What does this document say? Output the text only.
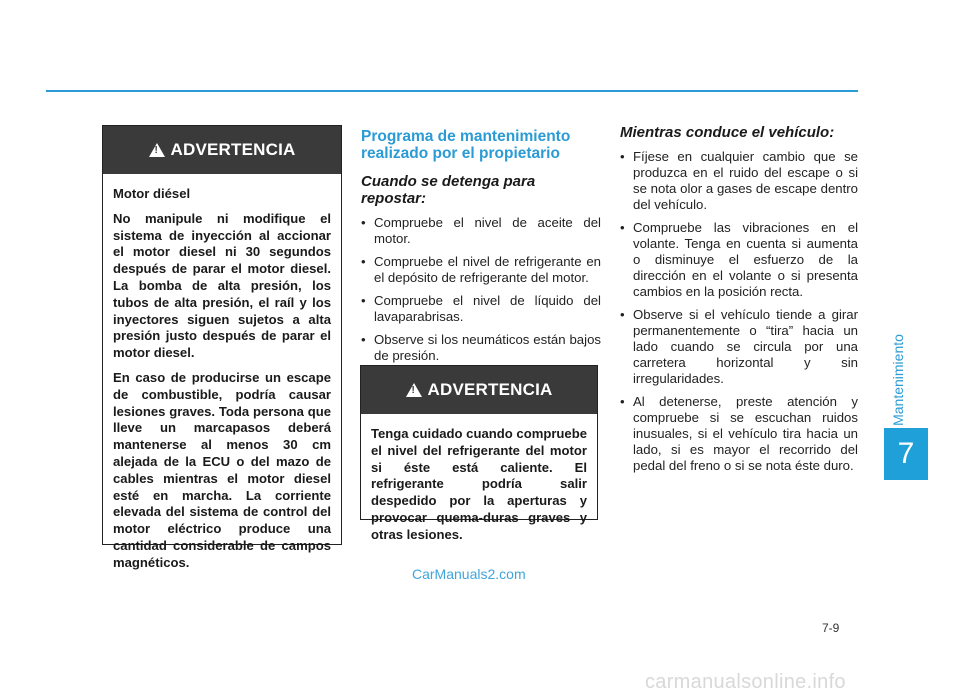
!
ADVERTENCIA

Motor diésel

No manipule ni modifique el sistema de inyección al accionar el motor diesel ni 30 segundos después de parar el motor diesel. La bomba de alta presión, los tubos de alta presión, el raíl y los inyectores siguen sujetos a alta presión justo después de parar el motor diesel.

En caso de producirse un escape de combustible, podría causar lesiones graves. Toda persona que lleve un marcapasos deberá mantenerse al menos 30 cm alejada de la ECU o del mazo de cables mientras el motor diesel esté en marcha. La corriente elevada del sistema de control del motor eléctrico produce una cantidad considerable de campos magnéticos.

Programa de mantenimiento realizado por el propietario
Cuando se detenga para repostar:
• Compruebe el nivel de aceite del motor.
• Compruebe el nivel de refrigerante en el depósito de refrigerante del motor.
• Compruebe el nivel de líquido del lavaparabrisas.
• Observe si los neumáticos están bajos de presión.
!
ADVERTENCIA

Tenga cuidado cuando compruebe el nivel del refrigerante del motor si éste está caliente. El refrigerante podría salir despedido por la aperturas y provocar quema-duras graves y otras lesiones.

Mientras conduce el vehículo:
• Fíjese en cualquier cambio que se produzca en el ruido del escape o si se nota olor a gases de escape dentro del vehículo.
• Compruebe las vibraciones en el volante. Tenga en cuenta si aumenta o disminuye el esfuerzo de la dirección en el volante o si presenta cambios en la posición recta.
• Observe si el vehículo tiende a girar permanentemente o “tira” hacia un lado cuando se circula por una carretera horizontal y sin irregularidades.
• Al detenerse, preste atención y compruebe si se escuchan ruidos inusuales, si el vehículo tira hacia un lado, si es mayor el recorrido del pedal del freno o si se nota éste duro.
Mantenimiento
7
CarManuals2.com
7-9
carmanualsonline.info
